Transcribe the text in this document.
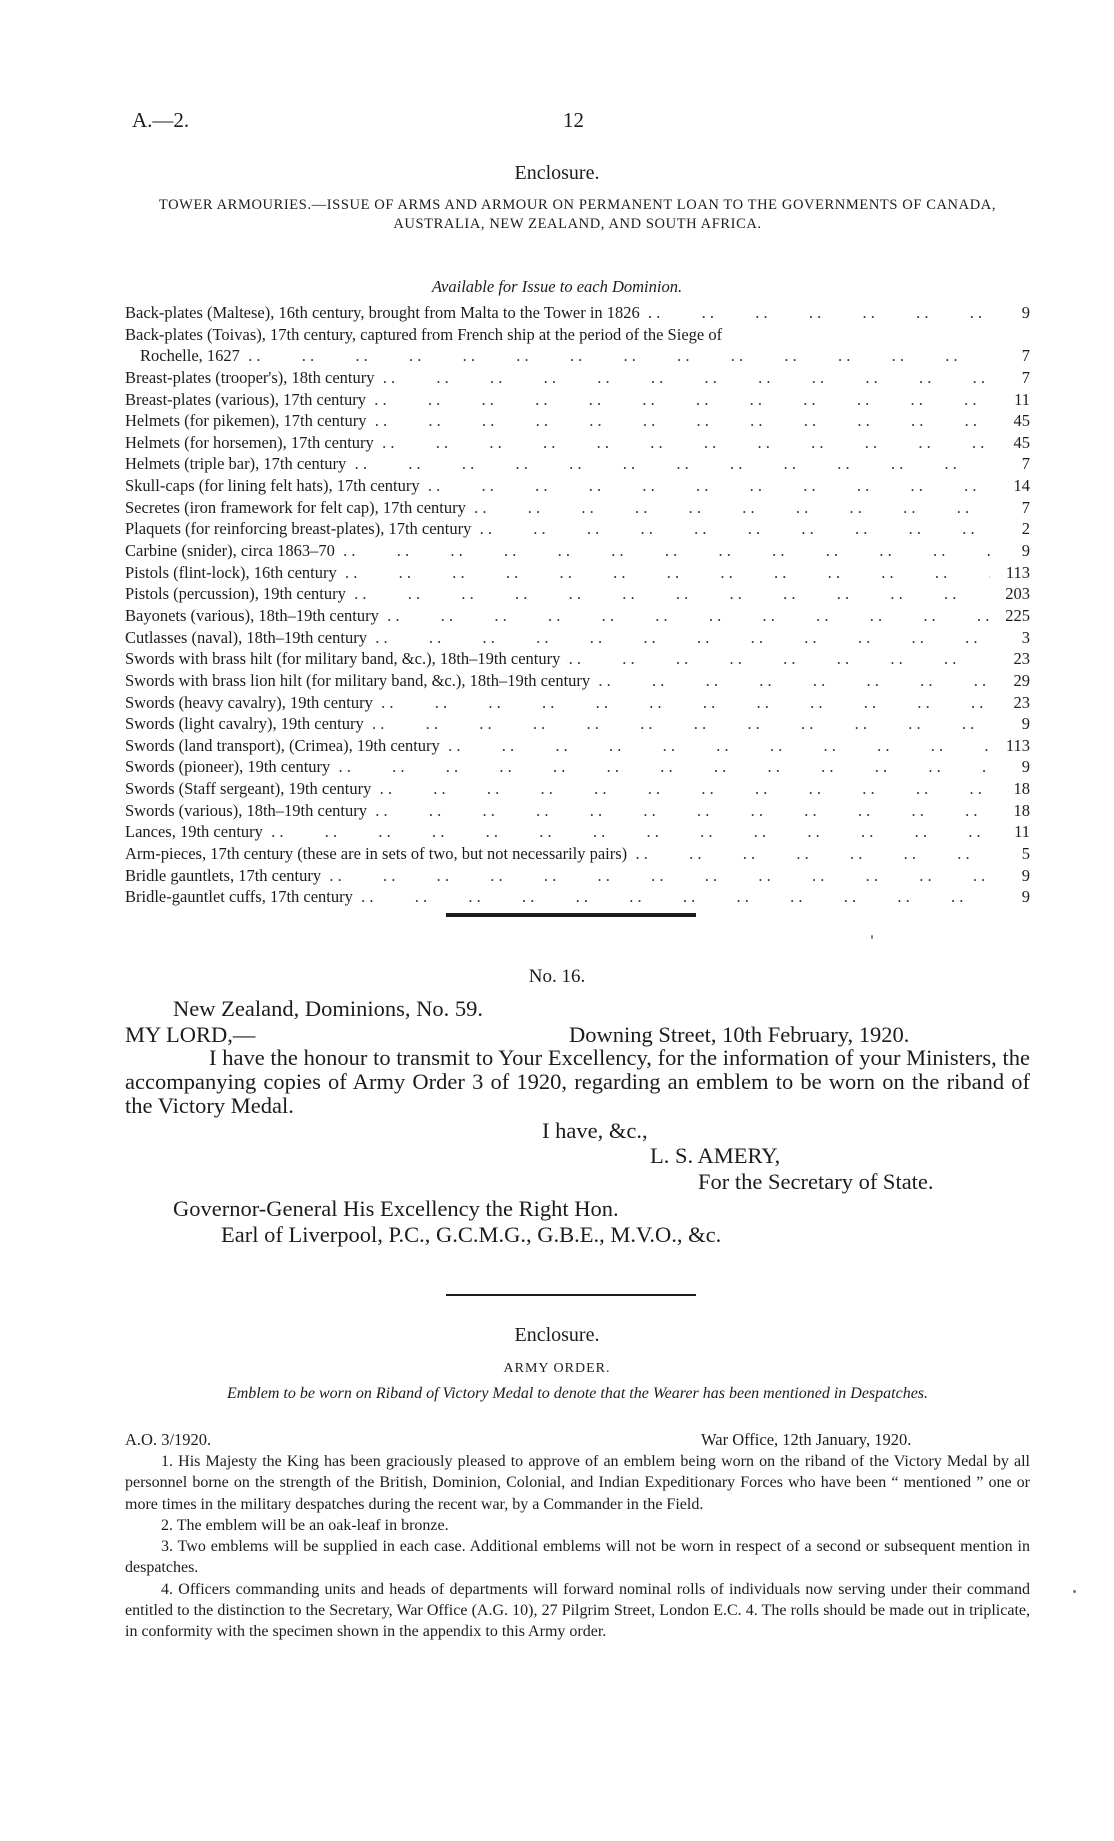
A.—2.	12
Enclosure.
TOWER ARMOURIES.—ISSUE OF ARMS AND ARMOUR ON PERMANENT LOAN TO THE GOVERNMENTS OF CANADA, AUSTRALIA, NEW ZEALAND, AND SOUTH AFRICA.
Available for Issue to each Dominion.
Back-plates (Maltese), 16th century, brought from Malta to the Tower in 1826 . .	9
Back-plates (Toivas), 17th century, captured from French ship at the period of the Siege of
Rochelle, 1627 . .	7
Breast-plates (trooper's), 18th century . .	7
Breast-plates (various), 17th century . .	11
Helmets (for pikemen), 17th century . .	45
Helmets (for horsemen), 17th century . .	45
Helmets (triple bar), 17th century . .	7
Skull-caps (for lining felt hats), 17th century . .	14
Secretes (iron framework for felt cap), 17th century . .	7
Plaquets (for reinforcing breast-plates), 17th century . .	2
Carbine (snider), circa 1863–70 . .	9
Pistols (flint-lock), 16th century . .	113
Pistols (percussion), 19th century . .	203
Bayonets (various), 18th–19th century . .	225
Cutlasses (naval), 18th–19th century . .	3
Swords with brass hilt (for military band, &c.), 18th–19th century . .	23
Swords with brass lion hilt (for military band, &c.), 18th–19th century . .	29
Swords (heavy cavalry), 19th century . .	23
Swords (light cavalry), 19th century . .	9
Swords (land transport), (Crimea), 19th century . .	113
Swords (pioneer), 19th century . .	9
Swords (Staff sergeant), 19th century . .	18
Swords (various), 18th–19th century . .	18
Lances, 19th century . .	11
Arm-pieces, 17th century (these are in sets of two, but not necessarily pairs) . .	5
Bridle gauntlets, 17th century . .	9
Bridle-gauntlet cuffs, 17th century . .	9
No. 16.
New Zealand, Dominions, No. 59.
MY LORD,—	Downing Street, 10th February, 1920.
I have the honour to transmit to Your Excellency, for the information of your Ministers, the accompanying copies of Army Order 3 of 1920, regarding an emblem to be worn on the riband of the Victory Medal.
I have, &c.,
L. S. AMERY,
For the Secretary of State.
Governor-General His Excellency the Right Hon.
Earl of Liverpool, P.C., G.C.M.G., G.B.E., M.V.O., &c.
Enclosure.
ARMY ORDER.
Emblem to be worn on Riband of Victory Medal to denote that the Wearer has been mentioned in Despatches.
A.O. 3/1920.	War Office, 12th January, 1920.

1. His Majesty the King has been graciously pleased to approve of an emblem being worn on the riband of the Victory Medal by all personnel borne on the strength of the British, Dominion, Colonial, and Indian Expeditionary Forces who have been “ mentioned ” one or more times in the military despatches during the recent war, by a Commander in the Field.

2. The emblem will be an oak-leaf in bronze.

3. Two emblems will be supplied in each case. Additional emblems will not be worn in respect of a second or subsequent mention in despatches.

4. Officers commanding units and heads of departments will forward nominal rolls of individuals now serving under their command entitled to the distinction to the Secretary, War Office (A.G. 10), 27 Pilgrim Street, London E.C. 4. The rolls should be made out in triplicate, in conformity with the specimen shown in the appendix to this Army order.
